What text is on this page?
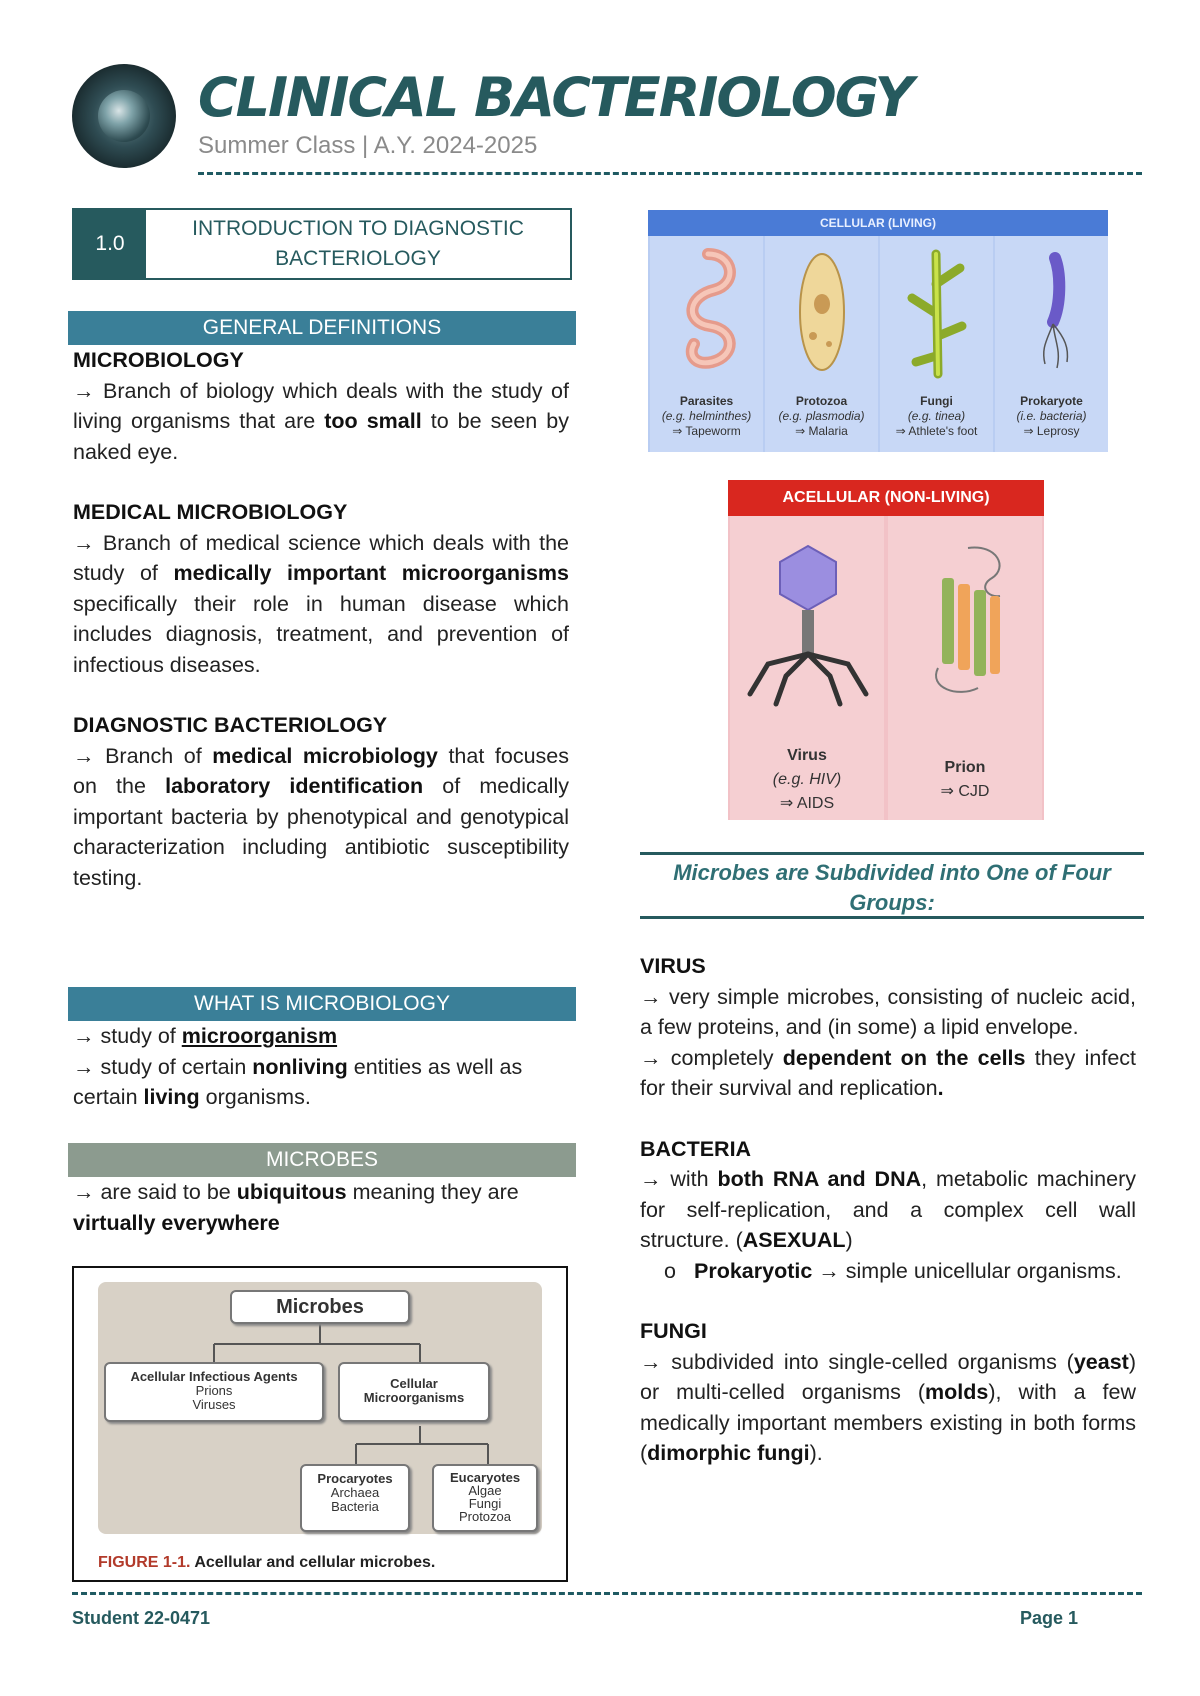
CLINICAL BACTERIOLOGY
Summer Class | A.Y. 2024-2025
1.0
INTRODUCTION TO DIAGNOSTIC BACTERIOLOGY
GENERAL DEFINITIONS
MICROBIOLOGY
→ Branch of biology which deals with the study of living organisms that are too small to be seen by naked eye.
MEDICAL MICROBIOLOGY
→ Branch of medical science which deals with the study of medically important microorganisms specifically their role in human disease which includes diagnosis, treatment, and prevention of infectious diseases.
DIAGNOSTIC BACTERIOLOGY
→ Branch of medical microbiology that focuses on the laboratory identification of medically important bacteria by phenotypical and genotypical characterization including antibiotic susceptibility testing.
WHAT IS MICROBIOLOGY
→ study of microorganism
→ study of certain nonliving entities as well as certain living organisms.
MICROBES
→ are said to be ubiquitous meaning they are virtually everywhere
Microbes
Acellular Infectious Agents
Prions
Viruses
Cellular Microorganisms
Procaryotes
Archaea
Bacteria
Eucaryotes
Algae
Fungi
Protozoa
FIGURE 1-1. Acellular and cellular microbes.
CELLULAR (LIVING)
Parasites
(e.g. helminthes)
⇒ Tapeworm
Protozoa
(e.g. plasmodia)
⇒ Malaria
Fungi
(e.g. tinea)
⇒ Athlete's foot
Prokaryote
(i.e. bacteria)
⇒ Leprosy
ACELLULAR (NON-LIVING)
Virus
(e.g. HIV)
⇒ AIDS
Prion
⇒ CJD
Microbes are Subdivided into One of Four Groups:
VIRUS
→ very simple microbes, consisting of nucleic acid, a few proteins, and (in some) a lipid envelope.
→ completely dependent on the cells they infect for their survival and replication.
BACTERIA
→ with both RNA and DNA, metabolic machinery for self-replication, and a complex cell wall structure. (ASEXUAL)
o Prokaryotic → simple unicellular organisms.
FUNGI
→ subdivided into single-celled organisms (yeast) or multi-celled organisms (molds), with a few medically important members existing in both forms (dimorphic fungi).
Student 22-0471	Page 1
